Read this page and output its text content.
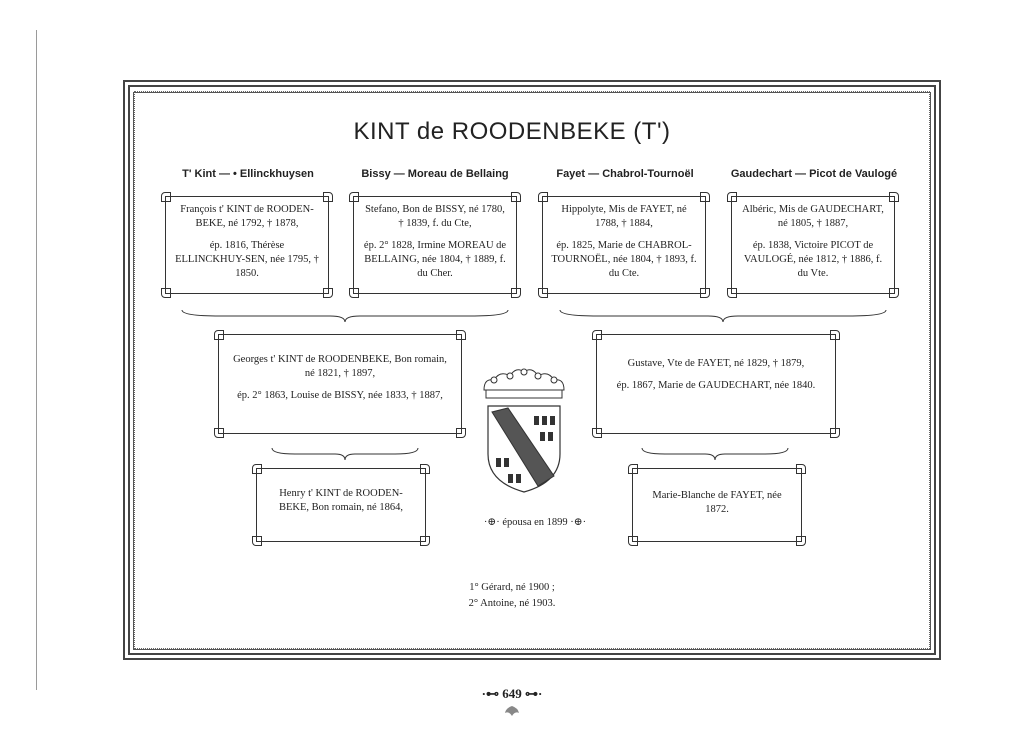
KINT de ROODENBEKE (T')
T' Kint — • Ellinckhuysen	Bissy — Moreau de Bellaing	Fayet — Chabrol-Tournoël	Gaudechart — Picot de Vaulogé

François t' KINT de ROODEN-BEKE, né 1792, † 1878,

ép. 1816, Thérèse ELLINCKHUY-SEN, née 1795, † 1850.

Stefano, Bon de BISSY, né 1780, † 1839, f. du Cte,

ép. 2° 1828, Irmine MOREAU de BELLAING, née 1804, † 1889, f. du Cher.

Hippolyte, Mis de FAYET, né 1788, † 1884,

ép. 1825, Marie de CHABROL-TOURNOËL, née 1804, † 1893, f. du Cte.

Albéric, Mis de GAUDECHART, né 1805, † 1887,

ép. 1838, Victoire PICOT de VAULOGÉ, née 1812, † 1886, f. du Vte.

Georges t' KINT de ROODENBEKE, Bon romain, né 1821, † 1897,

ép. 2° 1863, Louise de BISSY, née 1833, † 1887,

Gustave, Vte de FAYET, né 1829, † 1879,

ép. 1867, Marie de GAUDECHART, née 1840.

Henry t' KINT de ROODEN-BEKE, Bon romain, né 1864,

Marie-Blanche de FAYET, née 1872.

·⊕· épousa en 1899 ·⊕·
1° Gérard, né 1900 ;
2° Antoine, né 1903.
·⊷ 649 ⊶·
